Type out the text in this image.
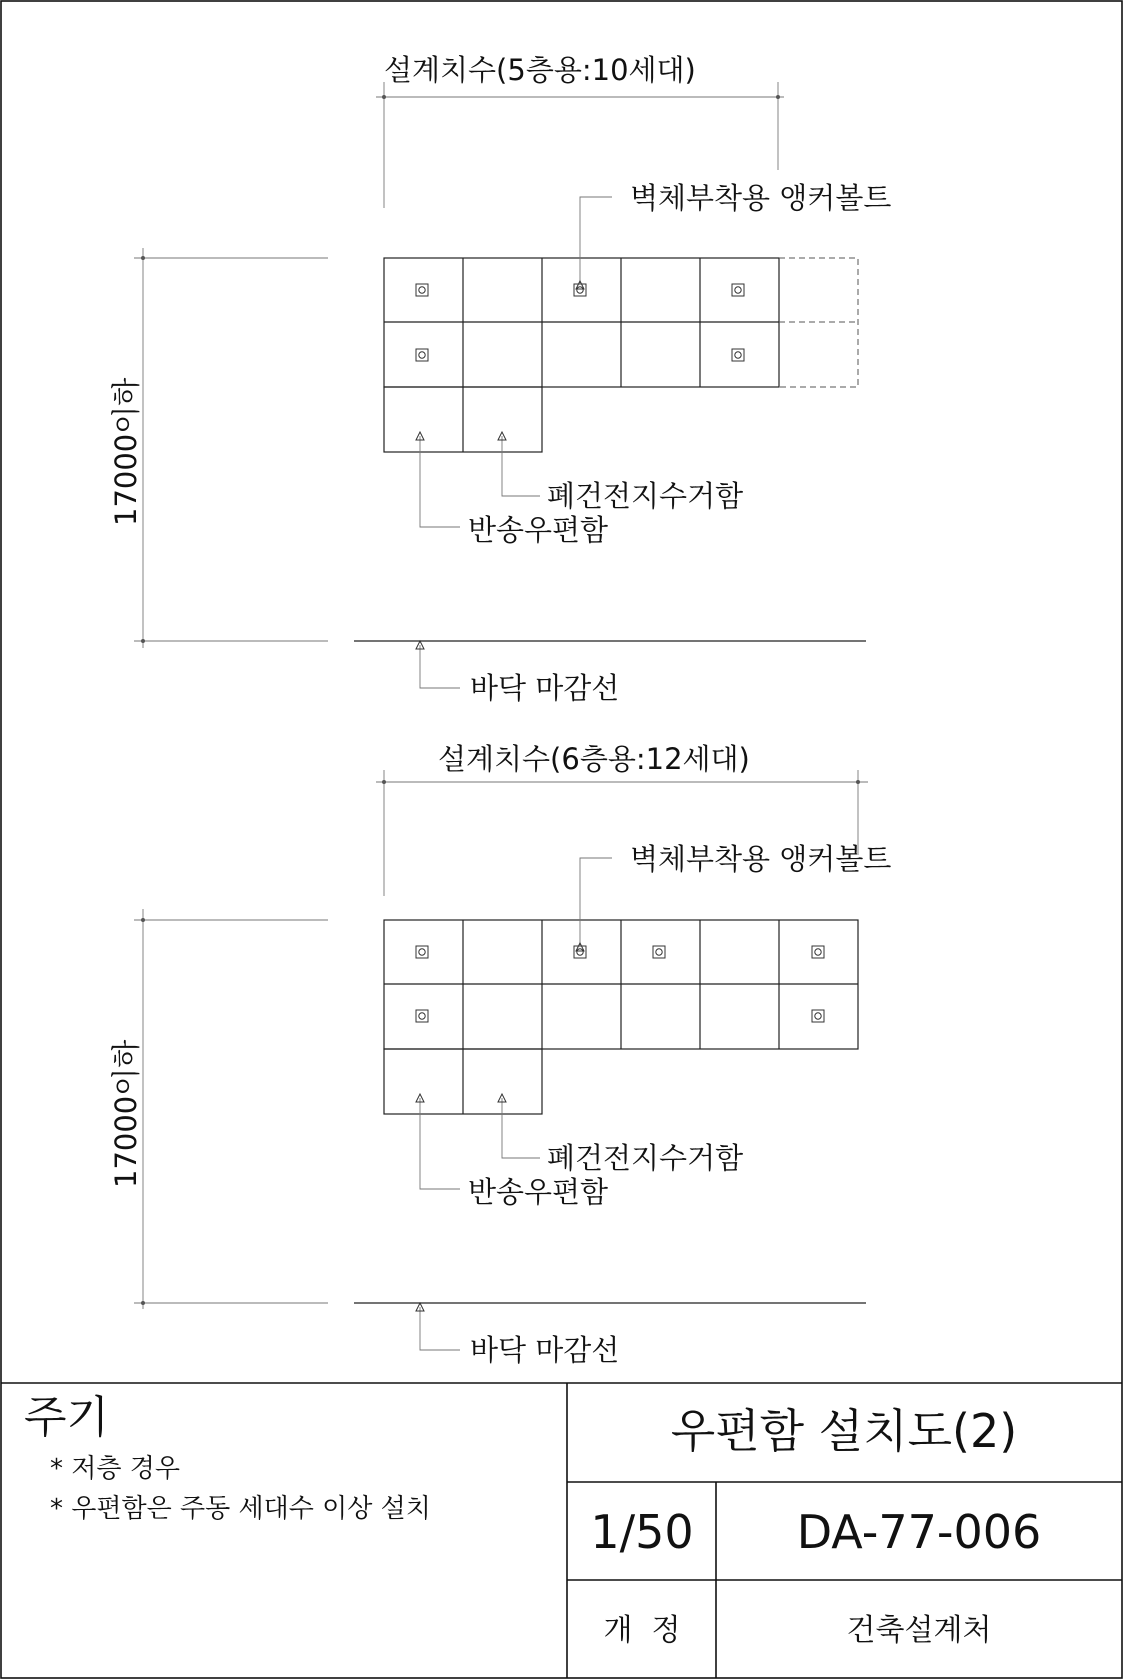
설계치수(5층용:10세대)
17000이하
벽체부착용 앵커볼트
폐건전지수거함
반송우편함
바닥 마감선
설계치수(6층용:12세대)
17000이하
벽체부착용 앵커볼트
폐건전지수거함
반송우편함
바닥 마감선
주기
* 저층 경우
* 우편함은 주동 세대수 이상 설치
우편함 설치도(2)
1/50 DA-77-006
개  정	건축설계처
